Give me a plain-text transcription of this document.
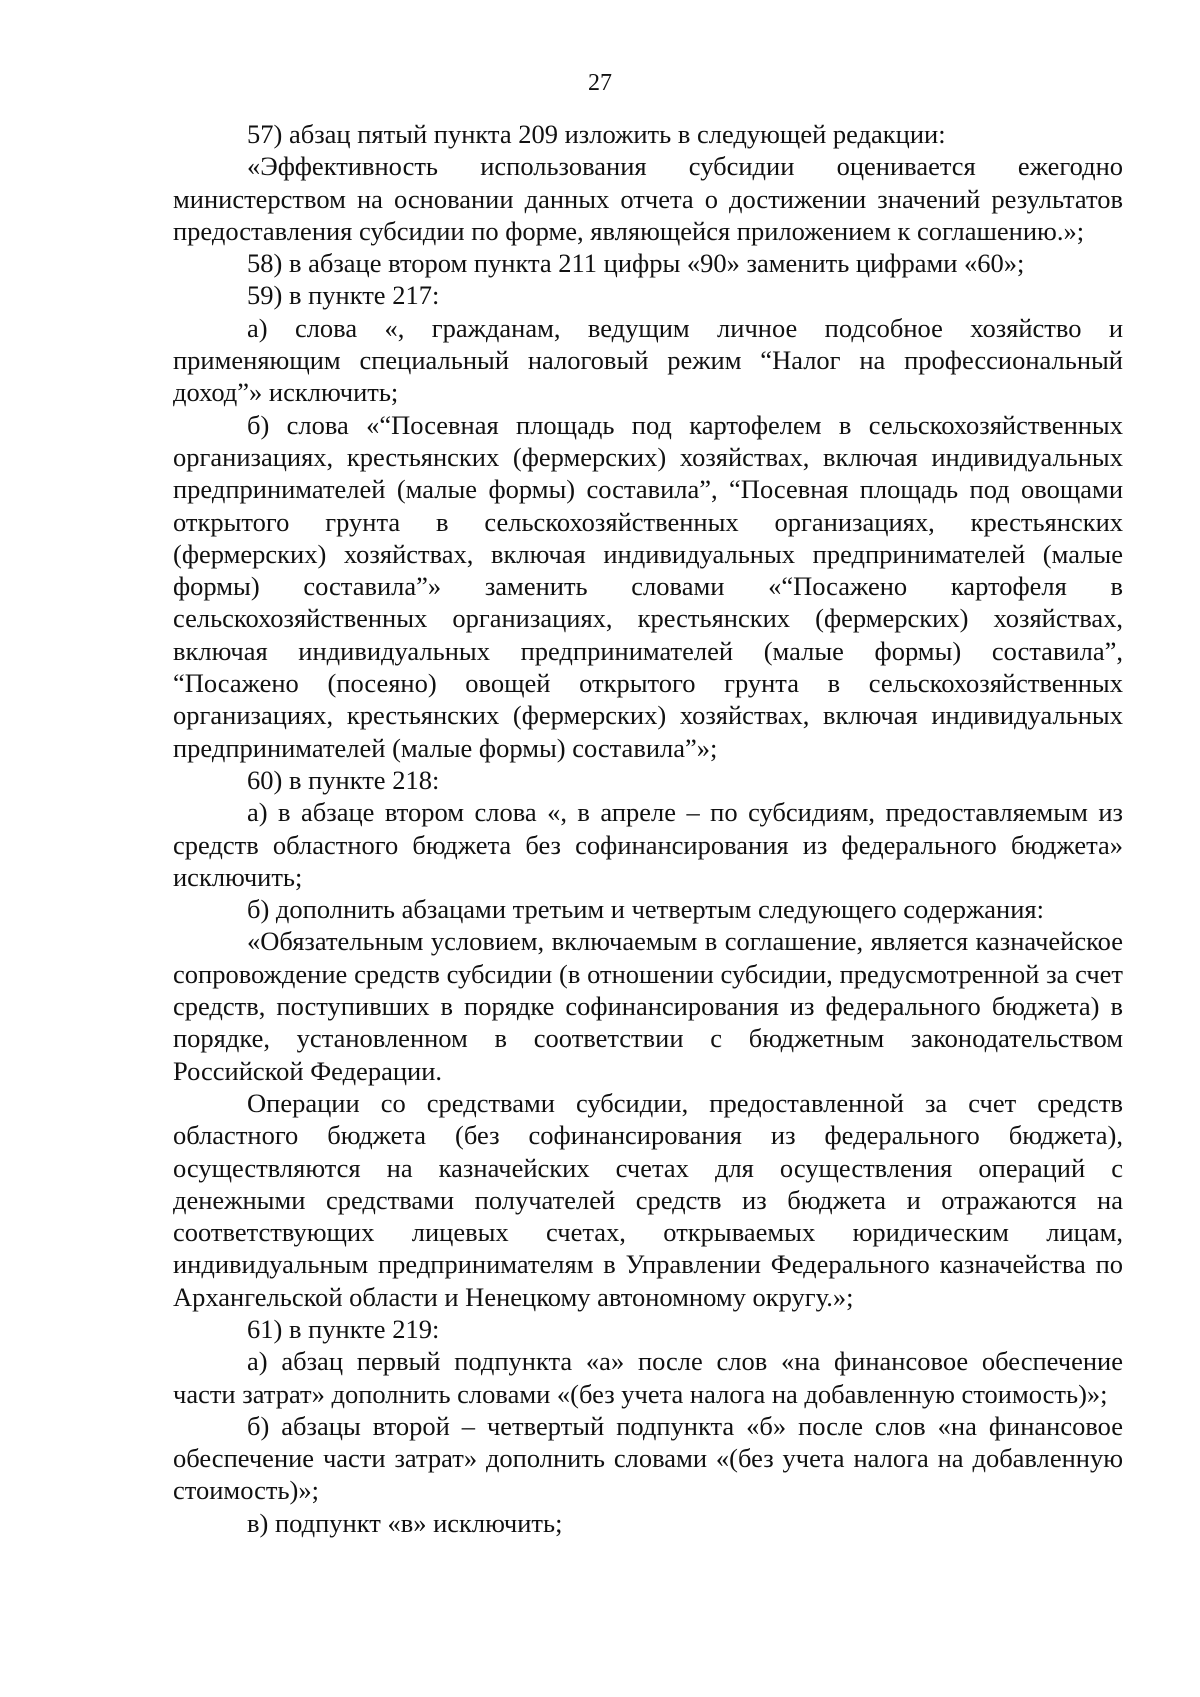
27

57) абзац пятый пункта 209 изложить в следующей редакции:

«Эффективность использования субсидии оценивается ежегодно министерством на основании данных отчета о достижении значений результатов предоставления субсидии по форме, являющейся приложением к соглашению.»;

58) в абзаце втором пункта 211 цифры «90» заменить цифрами «60»;

59) в пункте 217:

а) слова «, гражданам, ведущим личное подсобное хозяйство и применяющим специальный налоговый режим “Налог на профессиональный доход”» исключить;

б) слова «“Посевная площадь под картофелем в сельскохозяйственных организациях, крестьянских (фермерских) хозяйствах, включая индивидуальных предпринимателей (малые формы) составила”, “Посевная площадь под овощами открытого грунта в сельскохозяйственных организациях, крестьянских (фермерских) хозяйствах, включая индивидуальных предпринимателей (малые формы) составила”» заменить словами «“Посажено картофеля в сельскохозяйственных организациях, крестьянских (фермерских) хозяйствах, включая индивидуальных предпринимателей (малые формы) составила”, “Посажено (посеяно) овощей открытого грунта в сельскохозяйственных организациях, крестьянских (фермерских) хозяйствах, включая индивидуальных предпринимателей (малые формы) составила”»;

60) в пункте 218:

а) в абзаце втором слова «, в апреле – по субсидиям, предоставляемым из средств областного бюджета без софинансирования из федерального бюджета» исключить;

б) дополнить абзацами третьим и четвертым следующего содержания:

«Обязательным условием, включаемым в соглашение, является казначейское сопровождение средств субсидии (в отношении субсидии, предусмотренной за счет средств, поступивших в порядке софинансирования из федерального бюджета) в порядке, установленном в соответствии с бюджетным законодательством Российской Федерации.

Операции со средствами субсидии, предоставленной за счет средств областного бюджета (без софинансирования из федерального бюджета), осуществляются на казначейских счетах для осуществления операций с денежными средствами получателей средств из бюджета и отражаются на соответствующих лицевых счетах, открываемых юридическим лицам, индивидуальным предпринимателям в Управлении Федерального казначейства по Архангельской области и Ненецкому автономному округу.»;

61) в пункте 219:

а) абзац первый подпункта «а» после слов «на финансовое обеспечение части затрат» дополнить словами «(без учета налога на добавленную стоимость)»;

б) абзацы второй – четвертый подпункта «б» после слов «на финансовое обеспечение части затрат» дополнить словами «(без учета налога на добавленную стоимость)»;

в) подпункт «в» исключить;
